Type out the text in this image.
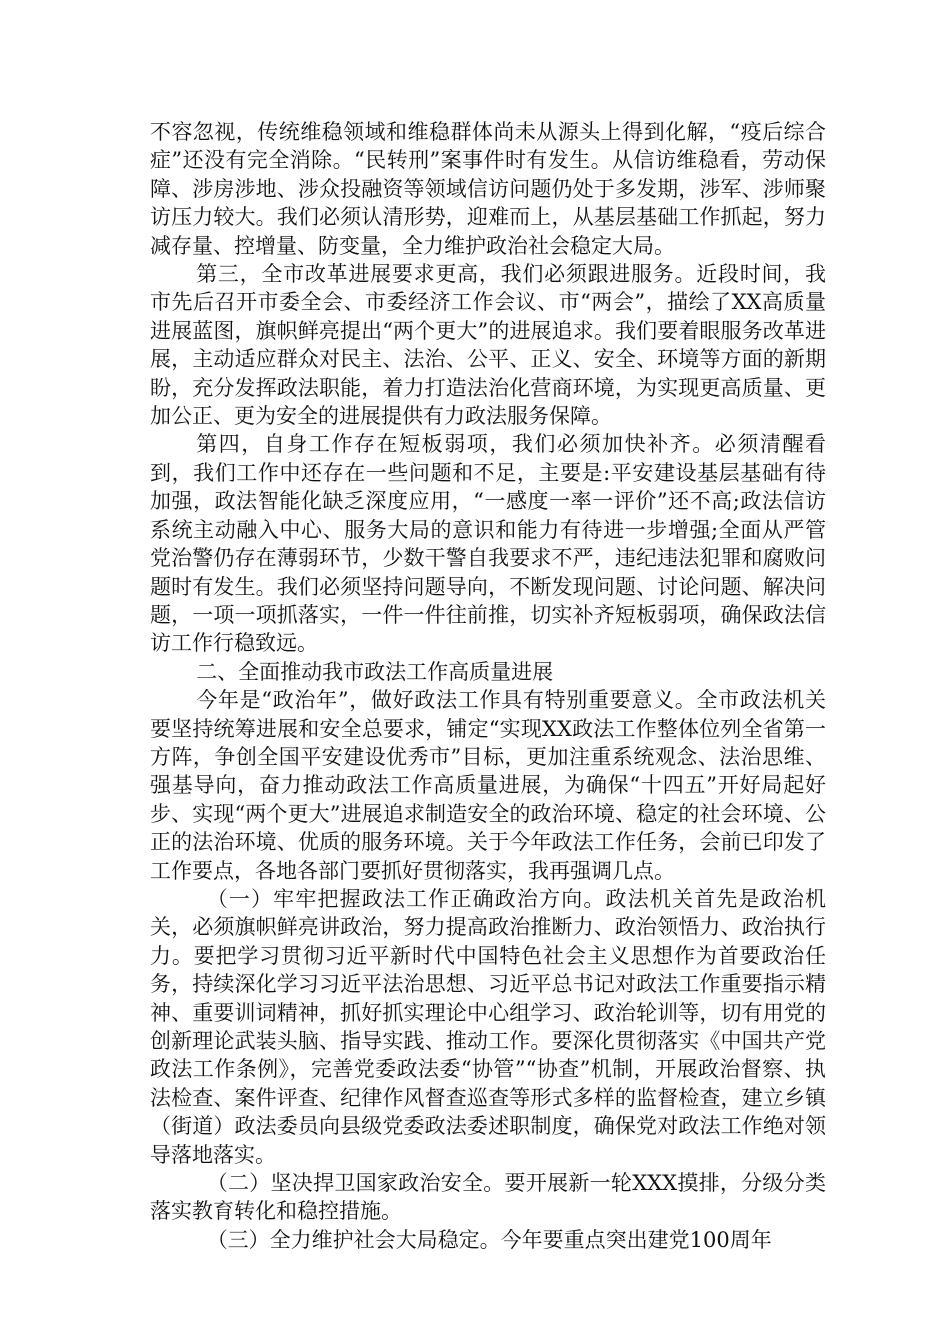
不容忽视，传统维稳领域和维稳群体尚未从源头上得到化解，“疫后综合症”还没有完全消除。“民转刑”案事件时有发生。从信访维稳看，劳动保障、涉房涉地、涉众投融资等领域信访问题仍处于多发期，涉军、涉师聚访压力较大。我们必须认清形势，迎难而上，从基层基础工作抓起，努力减存量、控增量、防变量，全力维护政治社会稳定大局。

第三，全市改革进展要求更高，我们必须跟进服务。近段时间，我市先后召开市委全会、市委经济工作会议、市“两会”，描绘了XX高质量进展蓝图，旗帜鲜亮提出“两个更大”的进展追求。我们要着眼服务改革进展，主动适应群众对民主、法治、公平、正义、安全、环境等方面的新期盼，充分发挥政法职能，着力打造法治化营商环境，为实现更高质量、更加公正、更为安全的进展提供有力政法服务保障。

第四，自身工作存在短板弱项，我们必须加快补齐。必须清醒看到，我们工作中还存在一些问题和不足，主要是:平安建设基层基础有待加强，政法智能化缺乏深度应用，“一感度一率一评价”还不高;政法信访系统主动融入中心、服务大局的意识和能力有待进一步增强;全面从严管党治警仍存在薄弱环节，少数干警自我要求不严，违纪违法犯罪和腐败问题时有发生。我们必须坚持问题导向，不断发现问题、讨论问题、解决问题，一项一项抓落实，一件一件往前推，切实补齐短板弱项，确保政法信访工作行稳致远。

二、全面推动我市政法工作高质量进展

今年是“政治年”，做好政法工作具有特别重要意义。全市政法机关要坚持统筹进展和安全总要求，铺定“实现XX政法工作整体位列全省第一方阵，争创全国平安建设优秀市”目标，更加注重系统观念、法治思维、强基导向，奋力推动政法工作高质量进展，为确保“十四五”开好局起好步、实现“两个更大”进展追求制造安全的政治环境、稳定的社会环境、公正的法治环境、优质的服务环境。关于今年政法工作任务，会前已印发了工作要点，各地各部门要抓好贯彻落实，我再强调几点。

（一）牢牢把握政法工作正确政治方向。政法机关首先是政治机关，必须旗帜鲜亮讲政治，努力提高政治推断力、政治领悟力、政治执行力。要把学习贯彻习近平新时代中国特色社会主义思想作为首要政治任务，持续深化学习习近平法治思想、习近平总书记对政法工作重要指示精神、重要训词精神，抓好抓实理论中心组学习、政治轮训等，切有用党的创新理论武装头脑、指导实践、推动工作。要深化贯彻落实《中国共产党政法工作条例》，完善党委政法委“协管”“协查”机制，开展政治督察、执法检查、案件评查、纪律作风督查巡查等形式多样的监督检查，建立乡镇（街道）政法委员向县级党委政法委述职制度，确保党对政法工作绝对领导落地落实。

（二）坚决捍卫国家政治安全。要开展新一轮XXX摸排，分级分类落实教育转化和稳控措施。

（三）全力维护社会大局稳定。今年要重点突出建党100周年
